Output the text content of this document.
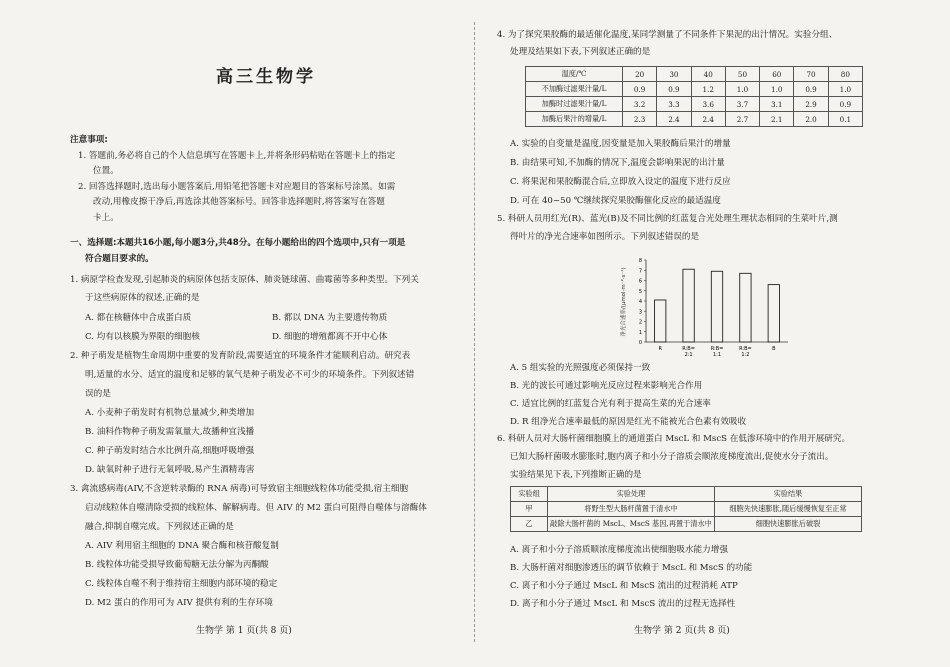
高三生物学
注意事项:
1. 答题前,务必将自己的个人信息填写在答题卡上,并将条形码粘贴在答题卡上的指定
位置。
2. 回答选择题时,选出每小题答案后,用铅笔把答题卡对应题目的答案标号涂黑。如需
改动,用橡皮擦干净后,再选涂其他答案标号。回答非选择题时,将答案写在答题
卡上。
一、选择题:本题共16小题,每小题3分,共48分。在每小题给出的四个选项中,只有一项是
符合题目要求的。
1. 病原学检查发现,引起肺炎的病原体包括支原体、肺炎链球菌、曲霉菌等多种类型。下列关
于这些病原体的叙述,正确的是
A. 都在核糖体中合成蛋白质	B. 都以 DNA 为主要遗传物质
C. 均有以核膜为界限的细胞核	D. 细胞的增殖都离不开中心体
2. 种子萌发是植物生命周期中重要的发育阶段,需要适宜的环境条件才能顺利启动。研究表
明,适量的水分、适宜的温度和足够的氧气是种子萌发必不可少的环境条件。下列叙述错
误的是
A. 小麦种子萌发时有机物总量减少,种类增加
B. 油料作物种子萌发需氧量大,故播种宜浅播
C. 种子萌发时结合水比例升高,细胞呼吸增强
D. 缺氧时种子进行无氧呼吸,易产生酒精毒害
3. 禽流感病毒(AIV,不含逆转录酶的 RNA 病毒)可导致宿主细胞线粒体功能受损,宿主细胞
启动线粒体自噬清除受损的线粒体、解解病毒。但 AIV 的 M2 蛋白可阻得自噬体与溶酶体
融合,抑制自噬完成。下列叙述正确的是
A. AIV 利用宿主细胞的 DNA 聚合酶和核苷酸复制
B. 线粒体功能受损导致葡萄糖无法分解为丙酮酸
C. 线粒体自噬不利于维持宿主细胞内部环境的稳定
D. M2 蛋白的作用可为 AIV 提供有利的生存环境
生物学 第 1 页(共 8 页)
4. 为了探究果胶酶的最适催化温度,某同学测量了不同条件下果泥的出汁情况。实验分组、
处理及结果如下表,下列叙述正确的是
温度/℃	20	30	40	50	60	70	80
不加酶过滤果汁量/L	0.9	0.9	1.2	1.0	1.0	0.9	1.0
加酶时过滤果汁量/L	3.2	3.3	3.6	3.7	3.1	2.9	0.9
加酶后果汁的增量/L	2.3	2.4	2.4	2.7	2.1	2.0	0.1
A. 实验的自变量是温度,因变量是加入果胶酶后果汁的增量
B. 由结果可知,不加酶的情况下,温度会影响果泥的出汁量
C. 将果泥和果胶酶混合后,立即放入设定的温度下进行反应
D. 可在 40~50 ℃继续探究果胶酶催化反应的最适温度
5. 科研人员用红光(R)、蓝光(B)及不同比例的红蓝复合光处理生理状态相同的生菜叶片,测
得叶片的净光合速率如图所示。下列叙述错误的是
净光合速率/(μmol·m⁻²·s⁻¹)
0
1
2
3
4
5
6
7
8
R	R:B=
2:1
R:B=
1:1
R:B=
1:2
B
A. 5 组实验的光照强度必须保持一致
B. 光的波长可通过影响光反应过程来影响光合作用
C. 适宜比例的红蓝复合光有利于提高生菜的光合速率
D. R 组净光合速率最低的原因是红光不能被光合色素有效吸收
6. 科研人员对大肠杆菌细胞膜上的通道蛋白 MscL 和 MscS 在低渗环境中的作用开展研究。
已知大肠杆菌吸水膨胀时,胞内离子和小分子溶质会顺浓度梯度流出,促使水分子流出。
实验结果见下表,下列推断正确的是
实验组	实验处理	实验结果
甲	将野生型大肠杆菌置于清水中	细胞先快速膨胀,随后缓慢恢复至正常
乙	敲除大肠杆菌的 MscL、MscS 基因,再置于清水中	细胞快速膨胀后破裂
A. 离子和小分子溶质顺浓度梯度流出使细胞吸水能力增强
B. 大肠杆菌对细胞渗透压的调节依赖于 MscL 和 MscS 的功能
C. 离子和小分子通过 MscL 和 MscS 流出的过程消耗 ATP
D. 离子和小分子通过 MscL 和 MscS 流出的过程无选择性
生物学 第 2 页(共 8 页)
